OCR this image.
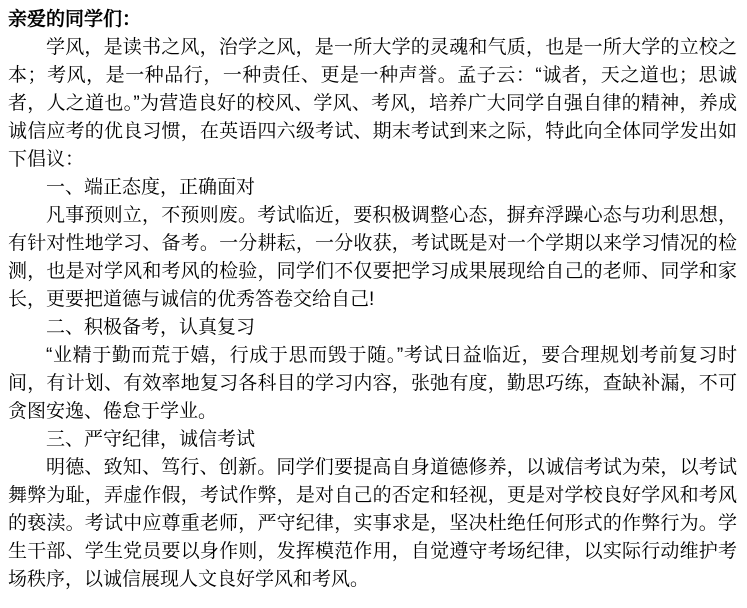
亲爱的同学们：

学风，是读书之风，治学之风，是一所大学的灵魂和气质，也是一所大学的立校之本；考风，是一种品行，一种责任、更是一种声誉。孟子云：“诚者，天之道也；思诚者，人之道也。”为营造良好的校风、学风、考风，培养广大同学自强自律的精神，养成诚信应考的优良习惯，在英语四六级考试、期末考试到来之际，特此向全体同学发出如下倡议：

一、端正态度，正确面对

凡事预则立，不预则废。考试临近，要积极调整心态，摒弃浮躁心态与功利思想，有针对性地学习、备考。一分耕耘，一分收获，考试既是对一个学期以来学习情况的检测，也是对学风和考风的检验，同学们不仅要把学习成果展现给自己的老师、同学和家长，更要把道德与诚信的优秀答卷交给自己!

二、积极备考，认真复习

“业精于勤而荒于嬉，行成于思而毁于随。”考试日益临近，要合理规划考前复习时间，有计划、有效率地复习各科目的学习内容，张弛有度，勤思巧练，查缺补漏，不可贪图安逸、倦怠于学业。

三、严守纪律，诚信考试

明德、致知、笃行、创新。同学们要提高自身道德修养，以诚信考试为荣，以考试舞弊为耻，弄虚作假，考试作弊，是对自己的否定和轻视，更是对学校良好学风和考风的亵渎。考试中应尊重老师，严守纪律，实事求是，坚决杜绝任何形式的作弊行为。学生干部、学生党员要以身作则，发挥模范作用，自觉遵守考场纪律，以实际行动维护考场秩序，以诚信展现人文良好学风和考风。
